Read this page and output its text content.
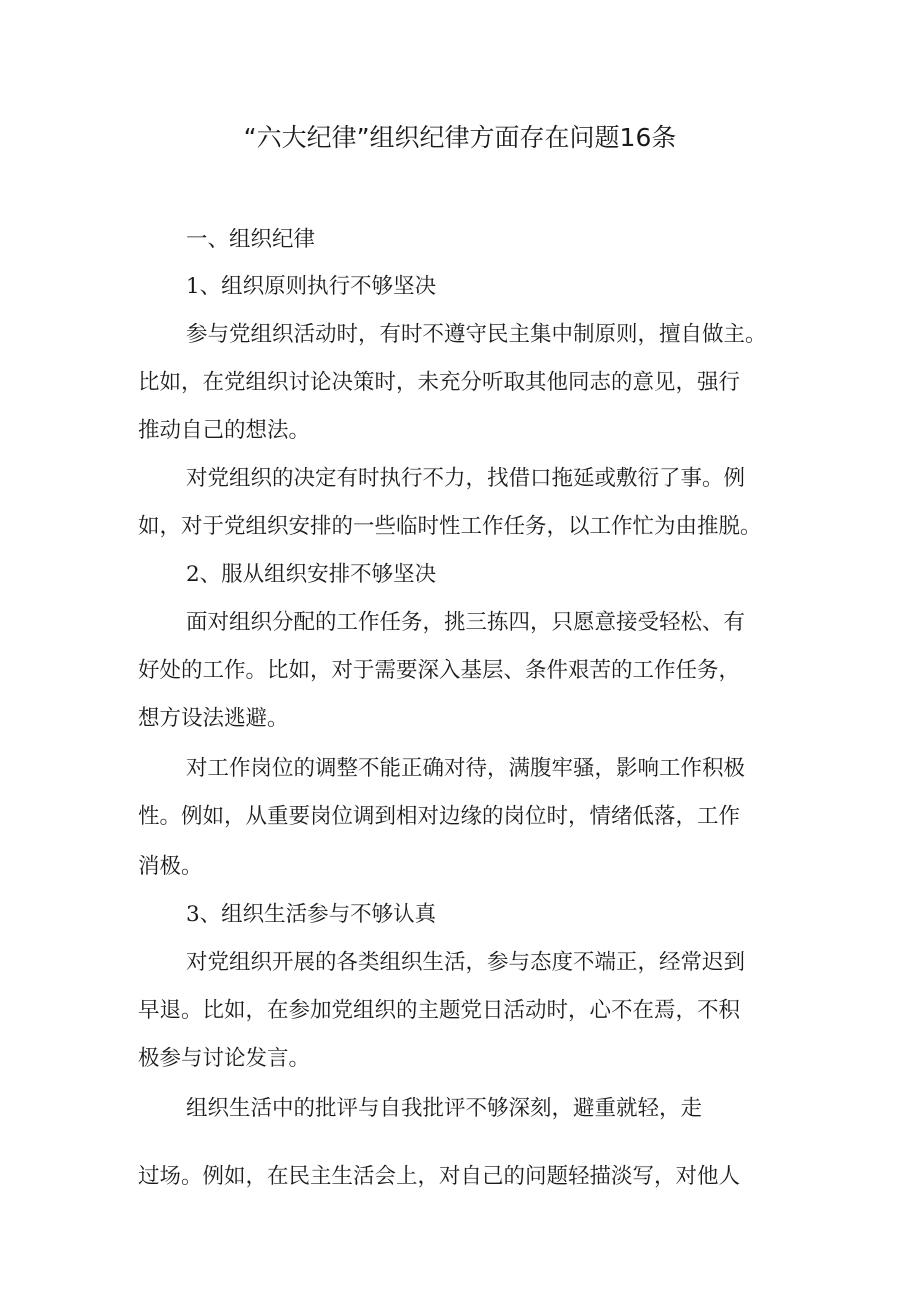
“六大纪律”组织纪律方面存在问题16条
一、组织纪律
1、组织原则执行不够坚决
参与党组织活动时，有时不遵守民主集中制原则，擅自做主。
比如，在党组织讨论决策时，未充分听取其他同志的意见，强行
推动自己的想法。
对党组织的决定有时执行不力，找借口拖延或敷衍了事。例
如，对于党组织安排的一些临时性工作任务，以工作忙为由推脱。
2、服从组织安排不够坚决
面对组织分配的工作任务，挑三拣四，只愿意接受轻松、有
好处的工作。比如，对于需要深入基层、条件艰苦的工作任务，
想方设法逃避。
对工作岗位的调整不能正确对待，满腹牢骚，影响工作积极
性。例如，从重要岗位调到相对边缘的岗位时，情绪低落，工作
消极。
3、组织生活参与不够认真
对党组织开展的各类组织生活，参与态度不端正，经常迟到
早退。比如，在参加党组织的主题党日活动时，心不在焉，不积
极参与讨论发言。
组织生活中的批评与自我批评不够深刻，避重就轻，走
过场。例如，在民主生活会上，对自己的问题轻描淡写，对他人
